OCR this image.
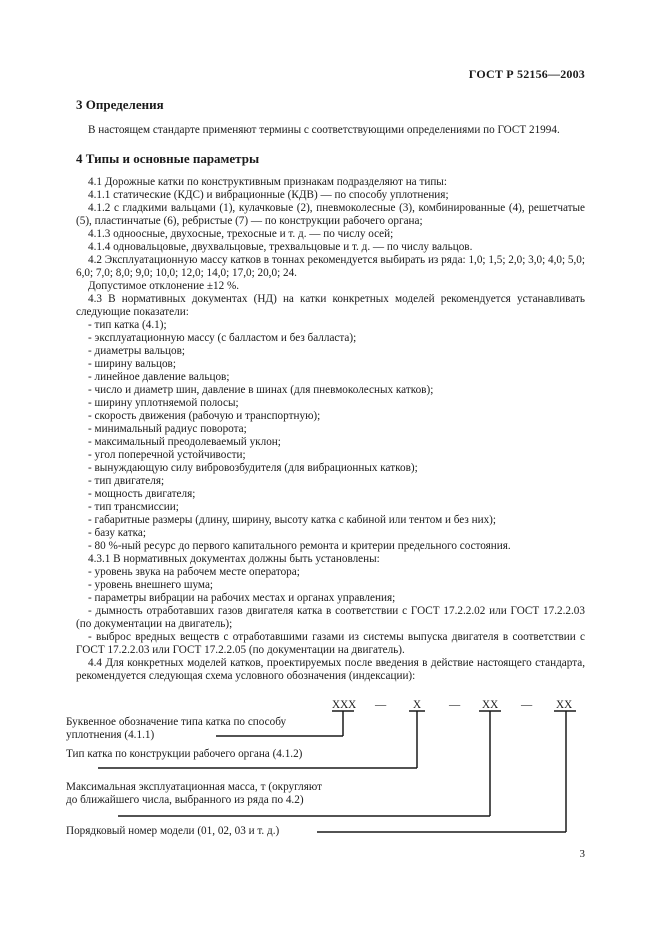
ГОСТ Р 52156—2003
3 Определения
В настоящем стандарте применяют термины с соответствующими определениями по ГОСТ 21994.
4 Типы и основные параметры
4.1 Дорожные катки по конструктивным признакам подразделяют на типы:
4.1.1 статические (КДС) и вибрационные (КДВ) — по способу уплотнения;
4.1.2 с гладкими вальцами (1), кулачковые (2), пневмоколесные (3), комбинированные (4), решетчатые (5), пластинчатые (6), ребристые (7) — по конструкции рабочего органа;
4.1.3 одноосные, двухосные, трехосные и т. д. — по числу осей;
4.1.4 одновальцовые, двухвальцовые, трехвальцовые и т. д. — по числу вальцов.
4.2 Эксплуатационную массу катков в тоннах рекомендуется выбирать из ряда: 1,0; 1,5; 2,0; 3,0; 4,0; 5,0; 6,0; 7,0; 8,0; 9,0; 10,0; 12,0; 14,0; 17,0; 20,0; 24.
Допустимое отклонение ±12 %.
4.3 В нормативных документах (НД) на катки конкретных моделей рекомендуется устанавливать следующие показатели:
- тип катка (4.1);
- эксплуатационную массу (с балластом и без балласта);
- диаметры вальцов;
- ширину вальцов;
- линейное давление вальцов;
- число и диаметр шин, давление в шинах (для пневмоколесных катков);
- ширину уплотняемой полосы;
- скорость движения (рабочую и транспортную);
- минимальный радиус поворота;
- максимальный преодолеваемый уклон;
- угол поперечной устойчивости;
- вынуждающую силу вибровозбудителя (для вибрационных катков);
- тип двигателя;
- мощность двигателя;
- тип трансмиссии;
- габаритные размеры (длину, ширину, высоту катка с кабиной или тентом и без них);
- базу катка;
- 80 %-ный ресурс до первого капитального ремонта и критерии предельного состояния.
4.3.1 В нормативных документах должны быть установлены:
- уровень звука на рабочем месте оператора;
- уровень внешнего шума;
- параметры вибрации на рабочих местах и органах управления;
- дымность отработавших газов двигателя катка в соответствии с ГОСТ 17.2.2.02 или ГОСТ 17.2.2.03 (по документации на двигатель);
- выброс вредных веществ с отработавшими газами из системы выпуска двигателя в соответствии с ГОСТ 17.2.2.03 или ГОСТ 17.2.2.05 (по документации на двигатель).
4.4 Для конкретных моделей катков, проектируемых после введения в действие настоящего стандарта, рекомендуется следующая схема условного обозначения (индексации):
ХХХ — Х — ХХ — ХХ
Буквенное обозначение типа катка по способу уплотнения (4.1.1)
Тип катка по конструкции рабочего органа (4.1.2)
Максимальная эксплуатационная масса, т (округляют до ближайшего числа, выбранного из ряда по 4.2)
Порядковый номер модели (01, 02, 03 и т. д.)
3
